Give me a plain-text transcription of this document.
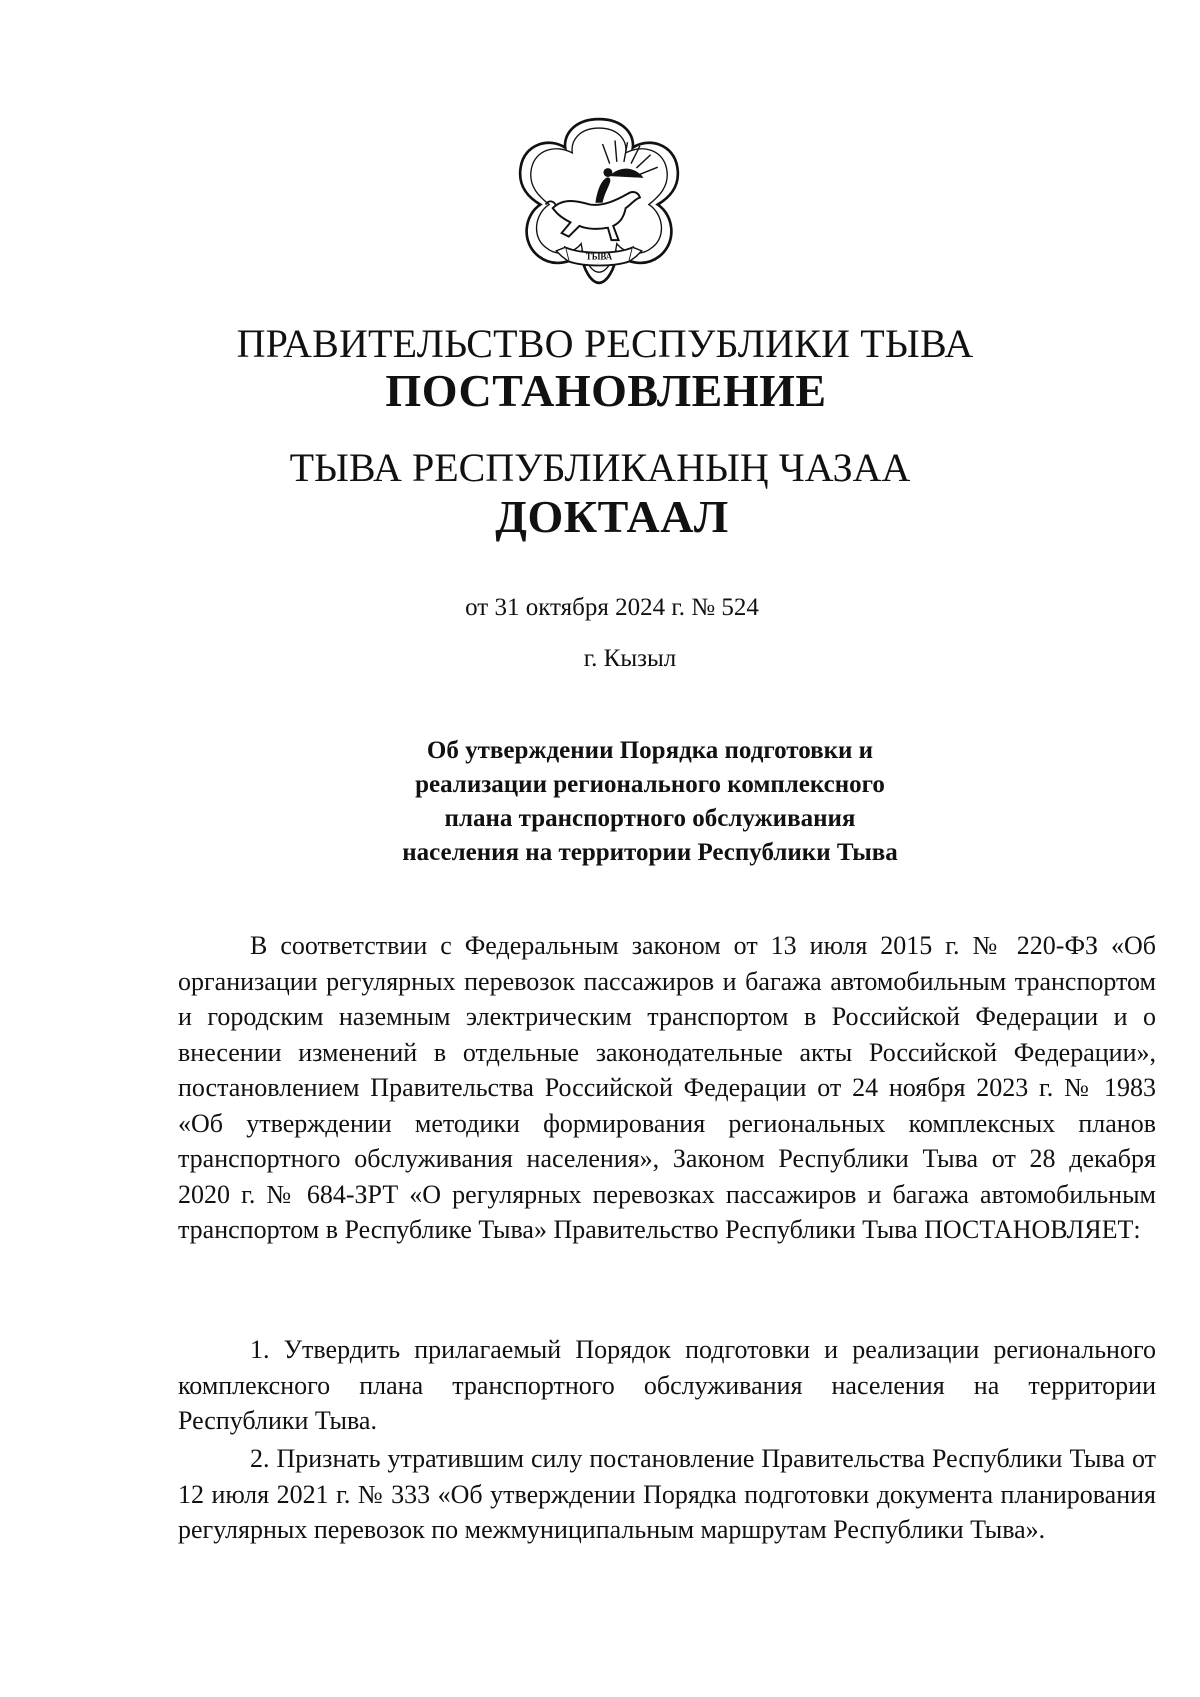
ТЫВА
ПРАВИТЕЛЬСТВО РЕСПУБЛИКИ ТЫВА
ПОСТАНОВЛЕНИЕ
ТЫВА РЕСПУБЛИКАНЫҢ ЧАЗАА
ДОКТААЛ
от 31 октября 2024 г. № 524
г. Кызыл
Об утверждении Порядка подготовки и
реализации регионального комплексного
плана транспортного обслуживания
населения на территории Республики Тыва

В соответствии с Федеральным законом от 13 июля 2015 г. № 220-ФЗ «Об организации регулярных перевозок пассажиров и багажа автомобильным транспортом и городским наземным электрическим транспортом в Российской Федерации и о внесении изменений в отдельные законодательные акты Российской Федерации», постановлением Правительства Российской Федерации от 24 ноября 2023 г. № 1983 «Об утверждении методики формирования региональных комплексных планов транспортного обслуживания населения», Законом Республики Тыва от 28 декабря 2020 г. № 684-ЗРТ «О регулярных перевозках пассажиров и багажа автомобильным транспортом в Республике Тыва» Правительство Республики Тыва ПОСТАНОВЛЯЕТ:

1. Утвердить прилагаемый Порядок подготовки и реализации регионального комплексного плана транспортного обслуживания населения на территории Республики Тыва.

2. Признать утратившим силу постановление Правительства Республики Тыва от 12 июля 2021 г. № 333 «Об утверждении Порядка подготовки документа планирования регулярных перевозок по межмуниципальным маршрутам Республики Тыва».
